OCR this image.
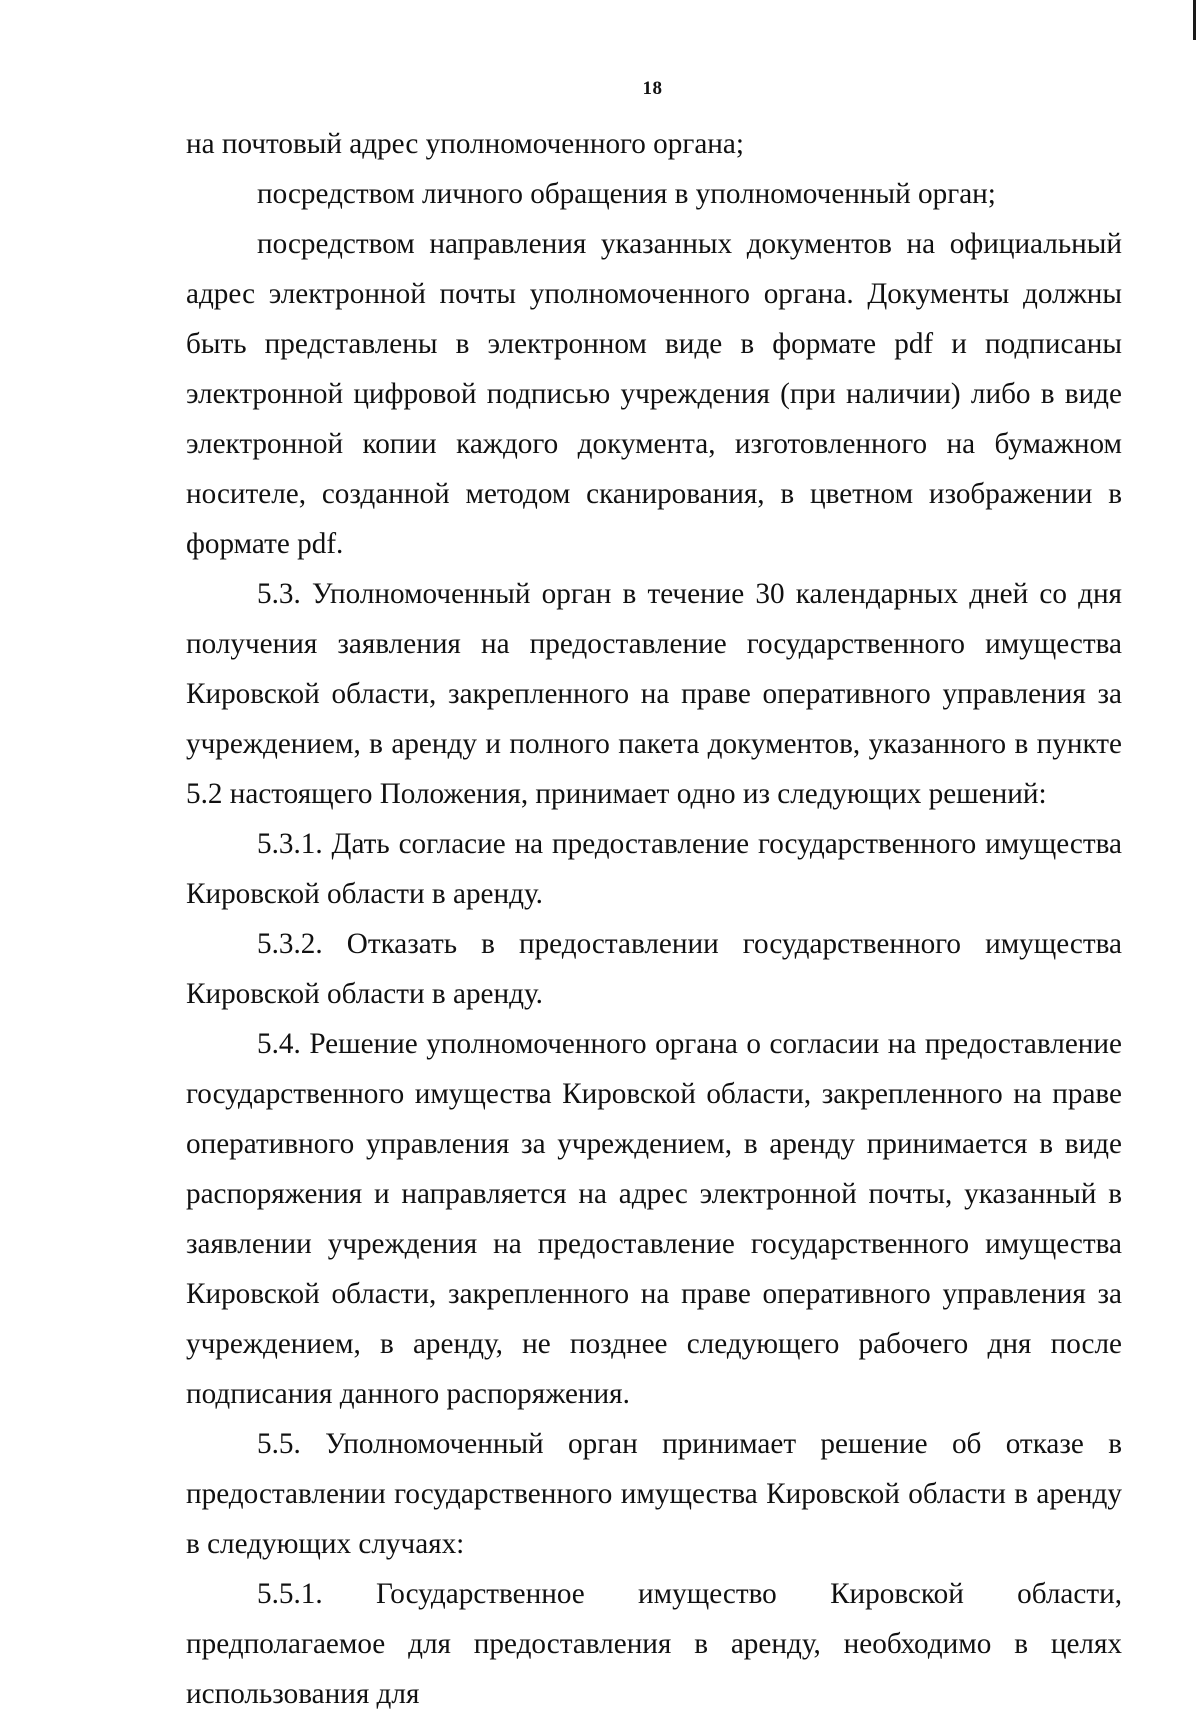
18

на почтовый адрес уполномоченного органа;

посредством личного обращения в уполномоченный орган;

посредством направления указанных документов на официальный адрес электронной почты уполномоченного органа. Документы должны быть представлены в электронном виде в формате pdf и подписаны электронной цифровой подписью учреждения (при наличии) либо в виде электронной копии каждого документа, изготовленного на бумажном носителе, созданной методом сканирования, в цветном изображении в формате pdf.

5.3. Уполномоченный орган в течение 30 календарных дней со дня получения заявления на предоставление государственного имущества Кировской области, закрепленного на праве оперативного управления за учреждением, в аренду и полного пакета документов, указанного в пункте 5.2 настоящего Положения, принимает одно из следующих решений:

5.3.1. Дать согласие на предоставление государственного имущества Кировской области в аренду.

5.3.2. Отказать в предоставлении государственного имущества Кировской области в аренду.

5.4. Решение уполномоченного органа о согласии на предоставление государственного имущества Кировской области, закрепленного на праве оперативного управления за учреждением, в аренду принимается в виде распоряжения и направляется на адрес электронной почты, указанный в заявлении учреждения на предоставление государственного имущества Кировской области, закрепленного на праве оперативного управления за учреждением, в аренду, не позднее следующего рабочего дня после подписания данного распоряжения.

5.5. Уполномоченный орган принимает решение об отказе в предоставлении государственного имущества Кировской области в аренду в следующих случаях:

5.5.1. Государственное имущество Кировской области, предполагаемое для предоставления в аренду, необходимо в целях использования для
